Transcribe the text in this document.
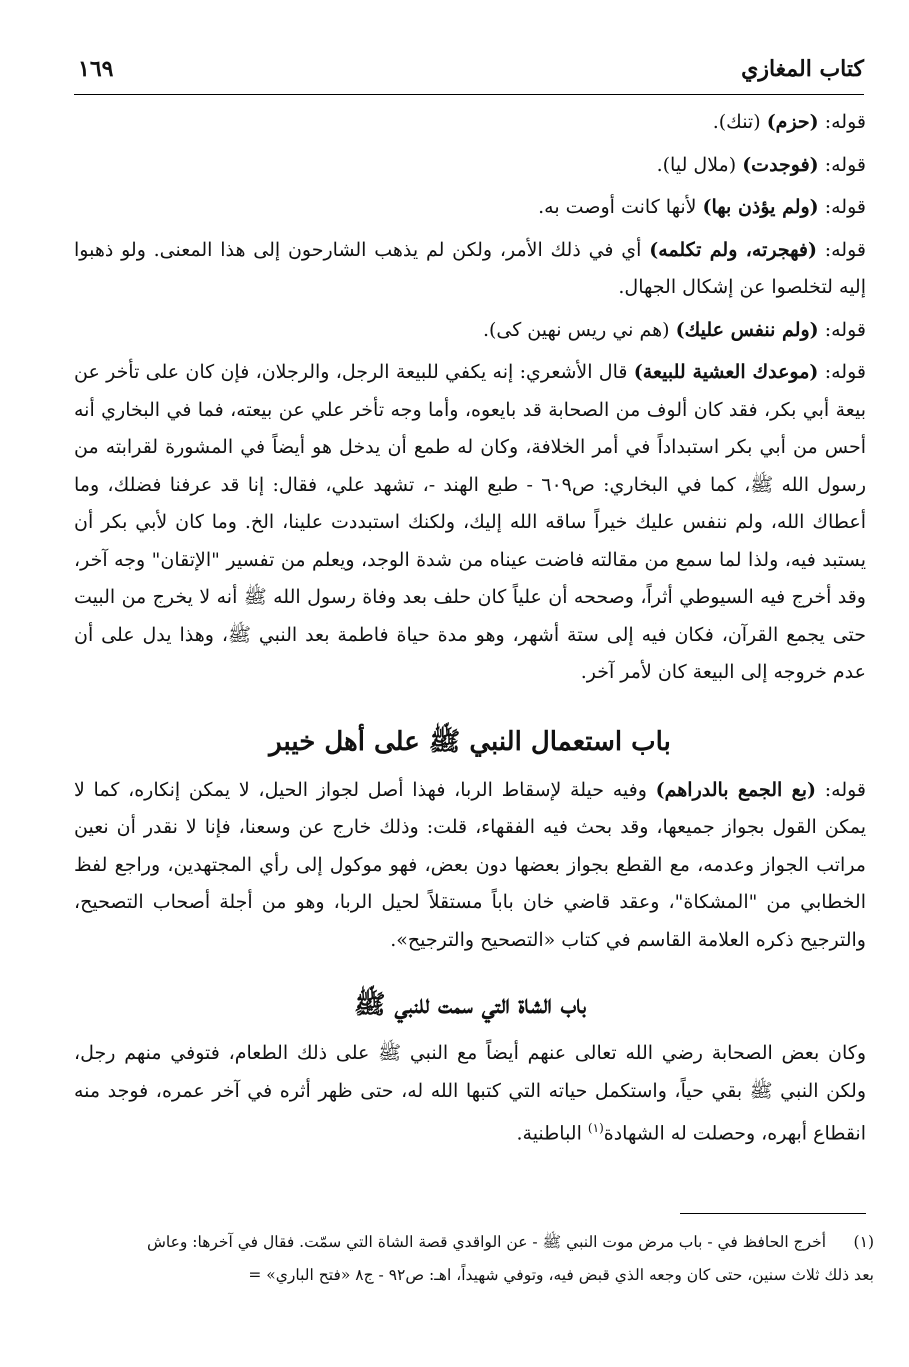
كتاب المغازي
١٦٩

قوله: (حزم) (تنك).

قوله: (فوجدت) (ملال ليا).

قوله: (ولم يؤذن بها) لأنها كانت أوصت به.

قوله: (فهجرته، ولم تكلمه) أي في ذلك الأمر، ولكن لم يذهب الشارحون إلى هذا المعنى. ولو ذهبوا إليه لتخلصوا عن إشكال الجهال.

قوله: (ولم ننفس عليك) (هم ني ريس نهين كى).

قوله: (موعدك العشية للبيعة) قال الأشعري: إنه يكفي للبيعة الرجل، والرجلان، فإن كان على تأخر عن بيعة أبي بكر، فقد كان ألوف من الصحابة قد بايعوه، وأما وجه تأخر علي عن بيعته، فما في البخاري أنه أحس من أبي بكر استبداداً في أمر الخلافة، وكان له طمع أن يدخل هو أيضاً في المشورة لقرابته من رسول الله ﷺ، كما في البخاري: ص٦٠٩ - طبع الهند -، تشهد علي، فقال: إنا قد عرفنا فضلك، وما أعطاك الله، ولم ننفس عليك خيراً ساقه الله إليك، ولكنك استبددت علينا، الخ. وما كان لأبي بكر أن يستبد فيه، ولذا لما سمع من مقالته فاضت عيناه من شدة الوجد، ويعلم من تفسير "الإتقان" وجه آخر، وقد أخرج فيه السيوطي أثراً، وصححه أن علياً كان حلف بعد وفاة رسول الله ﷺ أنه لا يخرج من البيت حتى يجمع القرآن، فكان فيه إلى ستة أشهر، وهو مدة حياة فاطمة بعد النبي ﷺ، وهذا يدل على أن عدم خروجه إلى البيعة كان لأمر آخر.

باب استعمال النبي ﷺ على أهل خيبر

قوله: (بع الجمع بالدراهم) وفيه حيلة لإسقاط الربا، فهذا أصل لجواز الحيل، لا يمكن إنكاره، كما لا يمكن القول بجواز جميعها، وقد بحث فيه الفقهاء، قلت: وذلك خارج عن وسعنا، فإنا لا نقدر أن نعين مراتب الجواز وعدمه، مع القطع بجواز بعضها دون بعض، فهو موكول إلى رأي المجتهدين، وراجع لفظ الخطابي من "المشكاة"، وعقد قاضي خان باباً مستقلاً لحيل الربا، وهو من أجلة أصحاب التصحيح، والترجيح ذكره العلامة القاسم في كتاب «التصحيح والترجيح».

باب الشاة التي سمت للنبي ﷺ

وكان بعض الصحابة رضي الله تعالى عنهم أيضاً مع النبي ﷺ على ذلك الطعام، فتوفي منهم رجل، ولكن النبي ﷺ بقي حياً، واستكمل حياته التي كتبها الله له، حتى ظهر أثره في آخر عمره، فوجد منه انقطاع أبهره، وحصلت له الشهادة$^{(١)}$ الباطنية.

(١)أخرج الحافظ في - باب مرض موت النبي ﷺ - عن الواقدي قصة الشاة التي سمّت. فقال في آخرها: وعاش

بعد ذلك ثلاث سنين، حتى كان وجعه الذي قبض فيه، وتوفي شهيداً، اهـ: ص٩٢ - ج٨ «فتح الباري» =
